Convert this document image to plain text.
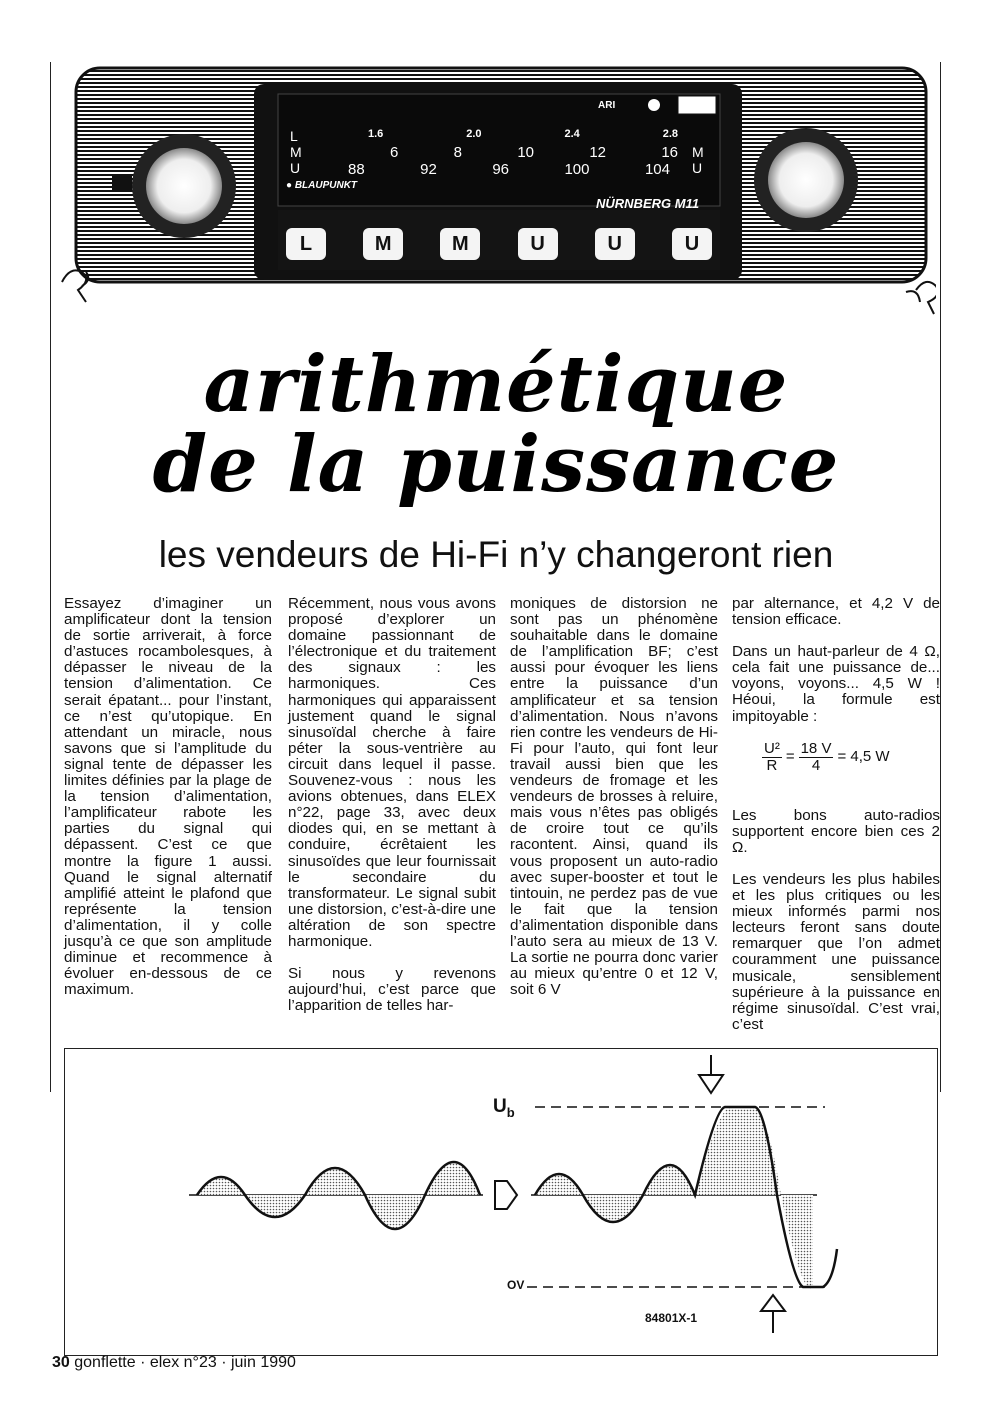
L
M
U
M
U
1.6	2.0	2.4	2.8
6	8	10	12	16
88	92	96	100	104
● BLAUPUNKT
ARI
NÜRNBERG M11
L	M	M	U	U	U
arithmétique
de la puissance
les vendeurs de Hi-Fi n’y changeront rien

Essayez d’imaginer un amplificateur dont la tension de sortie arriverait, à force d’astuces rocambolesques, à dépasser le niveau de la tension d’alimentation. Ce serait épatant... pour l’instant, ce n’est qu’utopique. En attendant un miracle, nous savons que si l’amplitude du signal tente de dépasser les limites définies par la plage de la tension d’alimentation, l’amplificateur rabote les parties du signal qui dépassent. C’est ce que montre la figure 1 aussi. Quand le signal alternatif amplifié atteint le plafond que représente la tension d’alimentation, il y colle jusqu’à ce que son amplitude diminue et recommence à évoluer en-dessous de ce maximum.

Récemment, nous vous avons proposé d’explorer un domaine passionnant de l’électronique et du traitement des signaux : les harmoniques. Ces harmoniques qui apparaissent justement quand le signal sinusoïdal cherche à faire péter la sous-ventrière au circuit dans lequel il passe. Souvenez-vous : nous les avions obtenues, dans ELEX n°22, page 33, avec deux diodes qui, en se mettant à conduire, écrêtaient les sinusoïdes que leur fournissait le secondaire du transformateur. Le signal subit une distorsion, c’est-à-dire une altération de son spectre harmonique.

Si nous y revenons aujourd’hui, c’est parce que l’apparition de telles har-

moniques de distorsion ne sont pas un phénomène souhaitable dans le domaine de l’amplification BF; c’est aussi pour évoquer les liens entre la puissance d’un amplificateur et sa tension d’alimentation. Nous n’avons rien contre les vendeurs de Hi-Fi pour l’auto, qui font leur travail aussi bien que les vendeurs de fromage et les vendeurs de brosses à reluire, mais vous n’êtes pas obligés de croire tout ce qu’ils racontent. Ainsi, quand ils vous proposent un auto-radio avec super-booster et tout le tintouin, ne perdez pas de vue le fait que la tension d’alimentation disponible dans l’auto sera au mieux de 13 V. La sortie ne pourra donc varier au mieux qu’entre 0 et 12 V, soit 6 V

par alternance, et 4,2 V de tension efficace.

Dans un haut-parleur de 4 Ω, cela fait une puissance de... voyons, voyons... 4,5 W ! Héoui, la formule est impitoyable :

$\frac{\text{U²}}{R} = \frac{18 V}{4} = 4,5$ W

Les bons auto-radios supportent encore bien ces 2 Ω.

Les vendeurs les plus habiles et les plus critiques ou les mieux informés parmi nos lecteurs feront sans doute remarquer que l’on admet couramment une puissance musicale, sensiblement supérieure à la puissance en régime sinusoïdal. C’est vrai, c’est

$U_b$
OV
84801X-1
30 gonflette · elex n°23 · juin 1990
